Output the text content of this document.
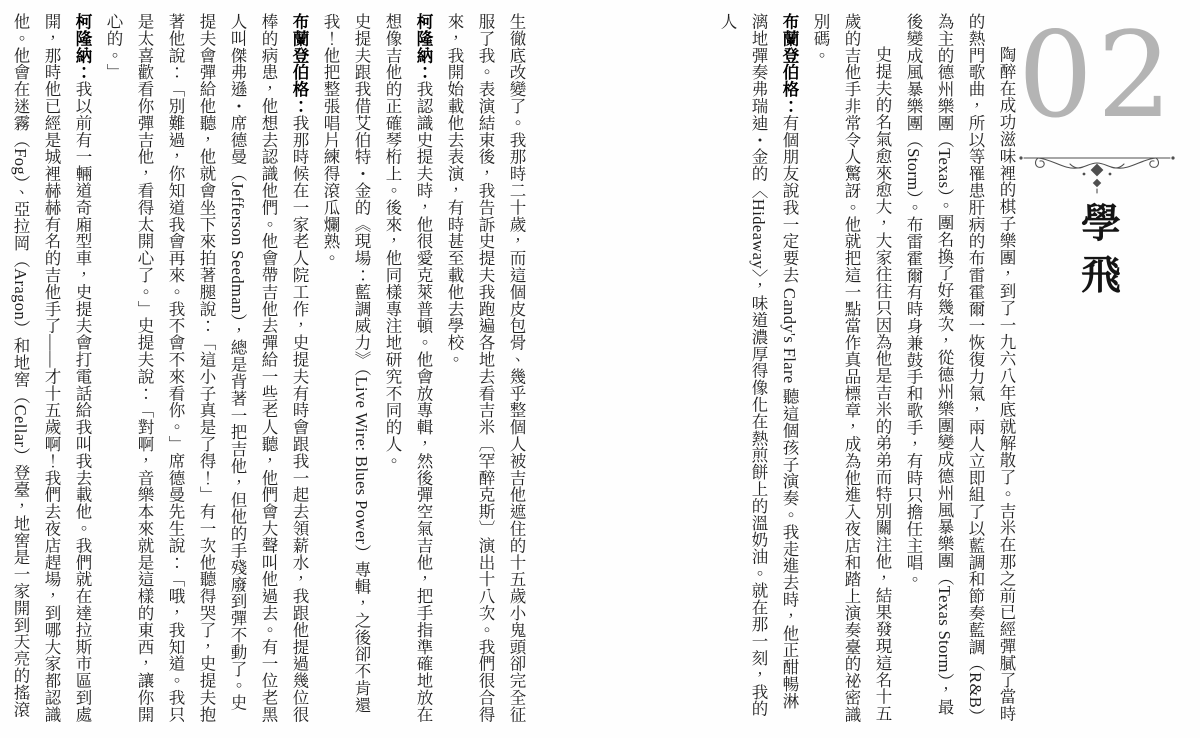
02
學飛

陶醉在成功滋味裡的棋子樂團，到了一九六八年底就解散了。吉米在那之前已經彈膩了當時的熱門歌曲，所以等罹患肝病的布雷霍爾一恢復力氣，兩人立即組了以藍調和節奏藍調（R&B）為主的德州樂團（Texas）。團名換了好幾次，從德州樂團變成德州風暴樂團（Texas Storm），最後變成風暴樂團（Storm）。布雷霍爾有時身兼鼓手和歌手，有時只擔任主唱。

史提夫的名氣愈來愈大，大家往往只因為他是吉米的弟弟而特別關注他，結果發現這名十五歲的吉他手非常令人驚訝。他就把這一點當作真品標章，成為他進入夜店和踏上演奏臺的祕密識別碼。

布蘭登伯格：有個朋友說我一定要去 Candy's Flare 聽這個孩子演奏。我走進去時，他正酣暢淋漓地彈奏弗瑞迪・金的〈Hideaway〉，味道濃厚得像化在熱煎餅上的溫奶油。就在那一刻，我的人

生徹底改變了。我那時二十歲，而這個皮包骨、幾乎整個人被吉他遮住的十五歲小鬼頭卻完全征服了我。表演結束後，我告訴史提夫我跑遍各地去看吉米〔罕醉克斯〕演出十八次。我們很合得來，我開始載他去表演，有時甚至載他去學校。

柯隆納：我認識史提夫時，他很愛克萊普頓。他會放專輯，然後彈空氣吉他，把手指準確地放在想像吉他的正確琴桁上。後來，他同樣專注地研究不同的人。

史提夫跟我借艾伯特・金的《現場：藍調威力》（Live Wire: Blues Power）專輯，之後卻不肯還我！他把整張唱片練得滾瓜爛熟。

布蘭登伯格：我那時候在一家老人院工作，史提夫有時會跟我一起去領薪水，我跟他提過幾位很棒的病患，他想去認識他們。他會帶吉他去彈給一些老人聽，他們會大聲叫他過去。有一位老黑人叫傑弗遜・席德曼（Jefferson Seedman），總是背著一把吉他，但他的手殘廢到彈不動了。史提夫會彈給他聽，他就會坐下來拍著腿說：「這小子真是了得！」有一次他聽得哭了，史提夫抱著他說：「別難過，你知道我會再來。我不會不來看你。」席德曼先生說：「哦，我知道。我只是太喜歡看你彈吉他，看得太開心了。」史提夫說：「對啊，音樂本來就是這樣的東西，讓你開心的。」

柯隆納：我以前有一輛道奇廂型車，史提夫會打電話給我叫我去載他。我們就在達拉斯市區到處開，那時他已經是城裡赫赫有名的吉他手了——才十五歲啊！我們去夜店趕場，到哪大家都認識他。他會在迷霧（Fog）、亞拉岡（Aragon）和地窖（Cellar）登臺，地窖是一家開到天亮的搖滾
